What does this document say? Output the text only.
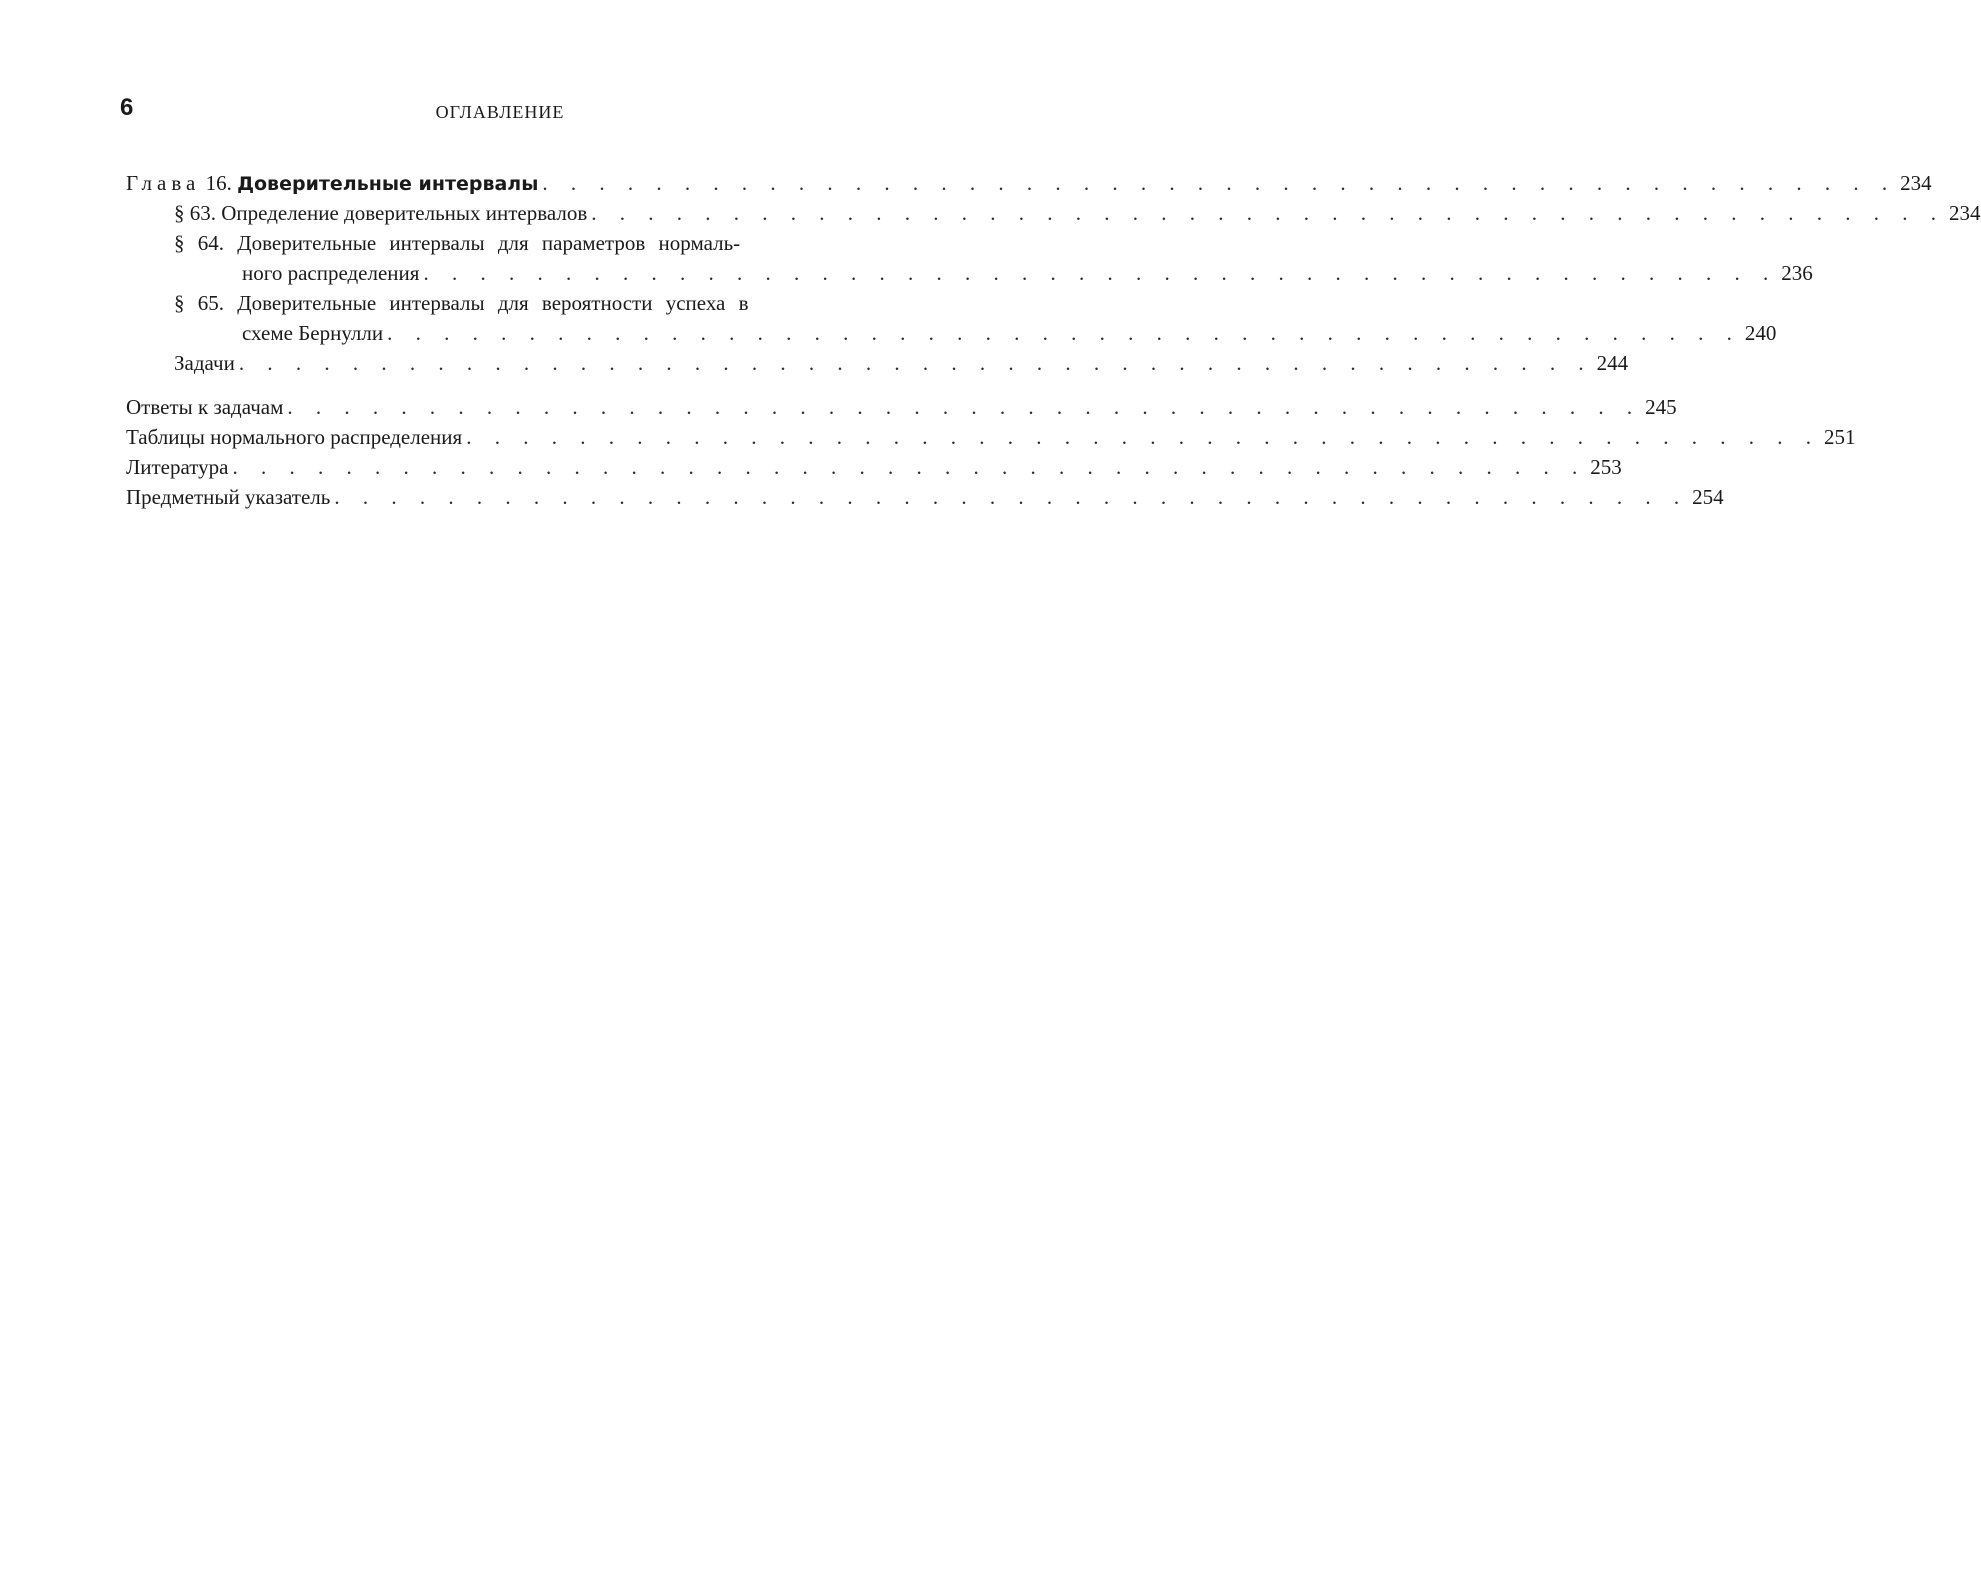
6	ОГЛАВЛЕНИЕ
Глава 16. Доверительные интервалы . . . . . . . . . . . . . . . . . . . . . . . . . . . . . . . . . . . . . . . . . . . . . . . . 234
§ 63. Определение доверительных интервалов . . . . . . . . . . . . . . . . . . . . . . . . . . . . . . . . . . . . . . . . . . . . . . . . 234
§ 64. Доверительные интервалы для параметров нормаль-
ного распределения . . . . . . . . . . . . . . . . . . . . . . . . . . . . . . . . . . . . . . . . . . . . . . . . 236
§ 65. Доверительные интервалы для вероятности успеха в
схеме Бернулли . . . . . . . . . . . . . . . . . . . . . . . . . . . . . . . . . . . . . . . . . . . . . . . . 240
Задачи . . . . . . . . . . . . . . . . . . . . . . . . . . . . . . . . . . . . . . . . . . . . . . . . 244
Ответы к задачам . . . . . . . . . . . . . . . . . . . . . . . . . . . . . . . . . . . . . . . . . . . . . . . . 245
Таблицы нормального распределения . . . . . . . . . . . . . . . . . . . . . . . . . . . . . . . . . . . . . . . . . . . . . . . . 251
Литература . . . . . . . . . . . . . . . . . . . . . . . . . . . . . . . . . . . . . . . . . . . . . . . . 253
Предметный указатель . . . . . . . . . . . . . . . . . . . . . . . . . . . . . . . . . . . . . . . . . . . . . . . . 254
